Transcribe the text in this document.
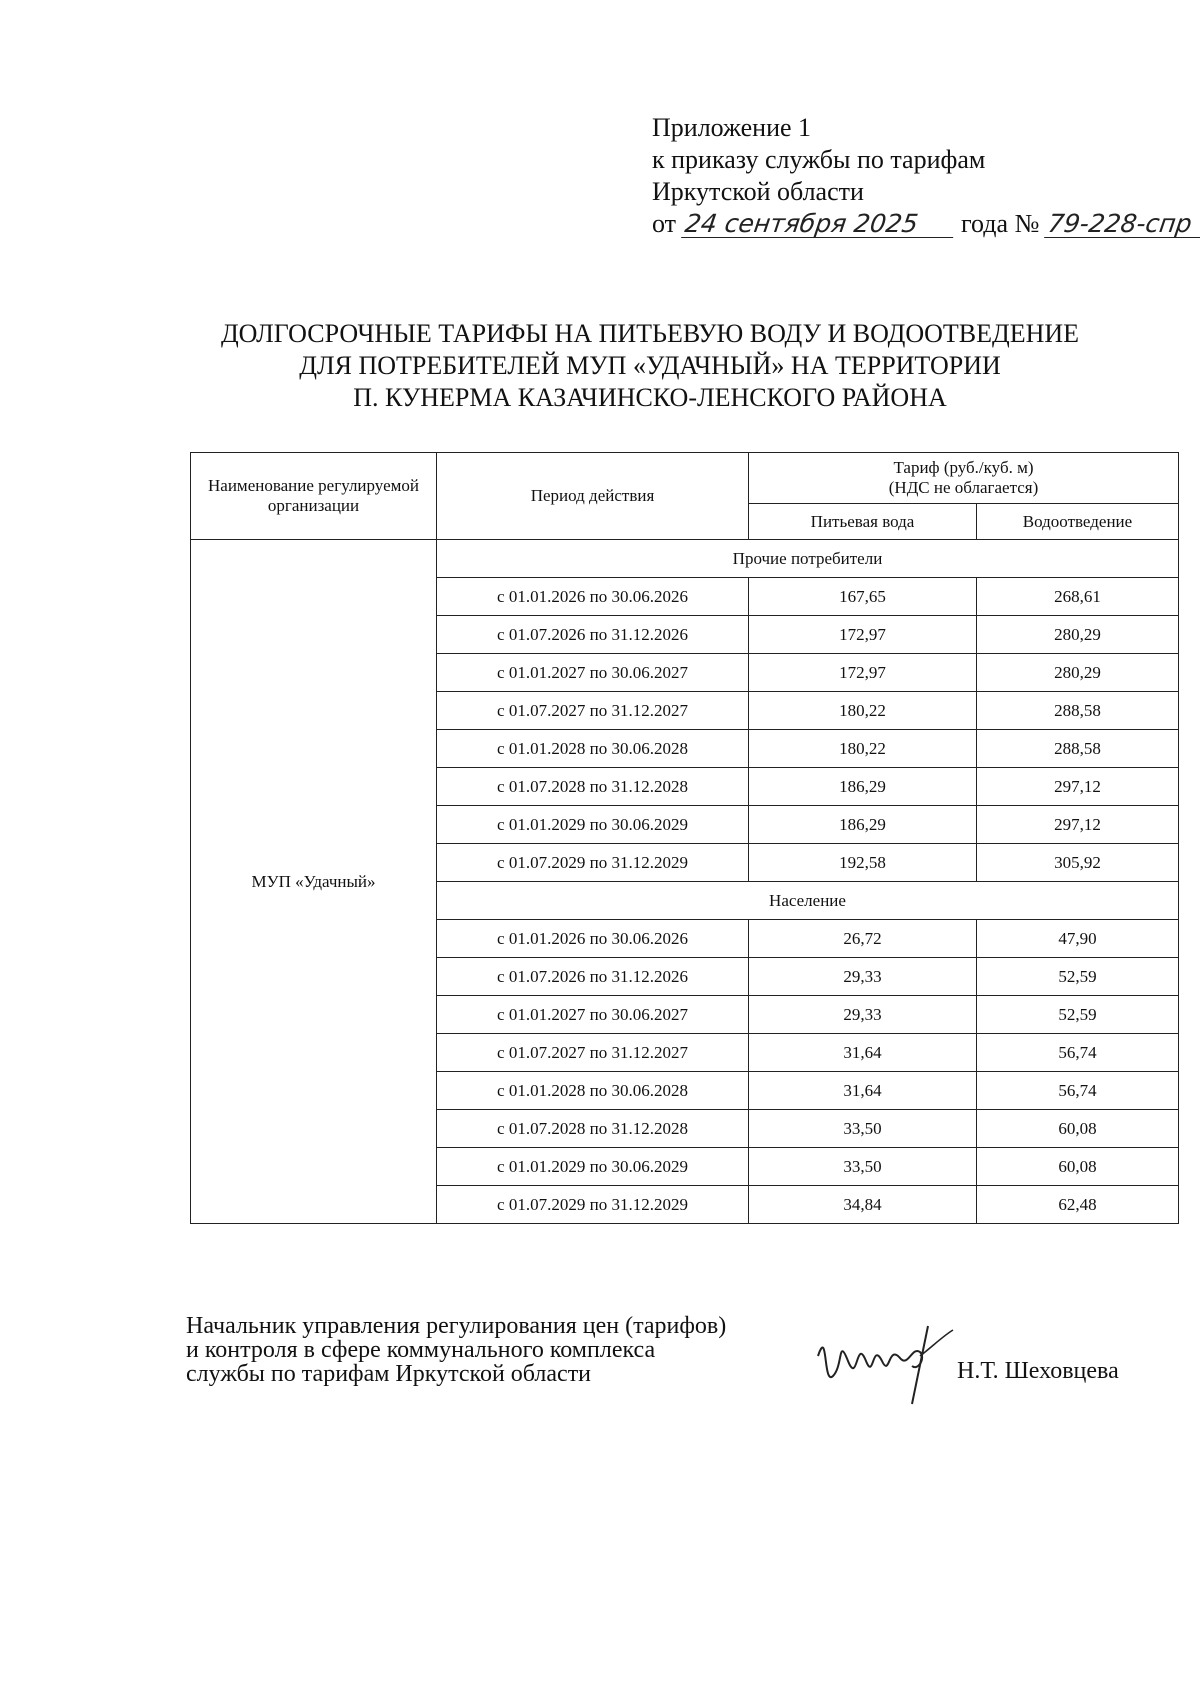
Приложение 1
к приказу службы по тарифам
Иркутской области
от 24 сентября 2025 года № 79-228-спр
ДОЛГОСРОЧНЫЕ ТАРИФЫ НА ПИТЬЕВУЮ ВОДУ И ВОДООТВЕДЕНИЕ
ДЛЯ ПОТРЕБИТЕЛЕЙ МУП «УДАЧНЫЙ» НА ТЕРРИТОРИИ
П. КУНЕРМА КАЗАЧИНСКО-ЛЕНСКОГО РАЙОНА
Наименование регулируемой организации	Период действия	Тариф (руб./куб. м)
(НДС не облагается)	

		Питьевая вода	Водоотведение
МУП «Удачный»	Прочие потребители		
	с 01.01.2026 по 30.06.2026	167,65	268,61
	с 01.07.2026 по 31.12.2026	172,97	280,29
	с 01.01.2027 по 30.06.2027	172,97	280,29
	с 01.07.2027 по 31.12.2027	180,22	288,58
	с 01.01.2028 по 30.06.2028	180,22	288,58
	с 01.07.2028 по 31.12.2028	186,29	297,12
	с 01.01.2029 по 30.06.2029	186,29	297,12
	с 01.07.2029 по 31.12.2029	192,58	305,92
	Население		
	с 01.01.2026 по 30.06.2026	26,72	47,90
	с 01.07.2026 по 31.12.2026	29,33	52,59
	с 01.01.2027 по 30.06.2027	29,33	52,59
	с 01.07.2027 по 31.12.2027	31,64	56,74
	с 01.01.2028 по 30.06.2028	31,64	56,74
	с 01.07.2028 по 31.12.2028	33,50	60,08
	с 01.01.2029 по 30.06.2029	33,50	60,08
	с 01.07.2029 по 31.12.2029	34,84	62,48
Начальник управления регулирования цен (тарифов)
и контроля в сфере коммунального комплекса
службы по тарифам Иркутской области	Н.Т. Шеховцева
